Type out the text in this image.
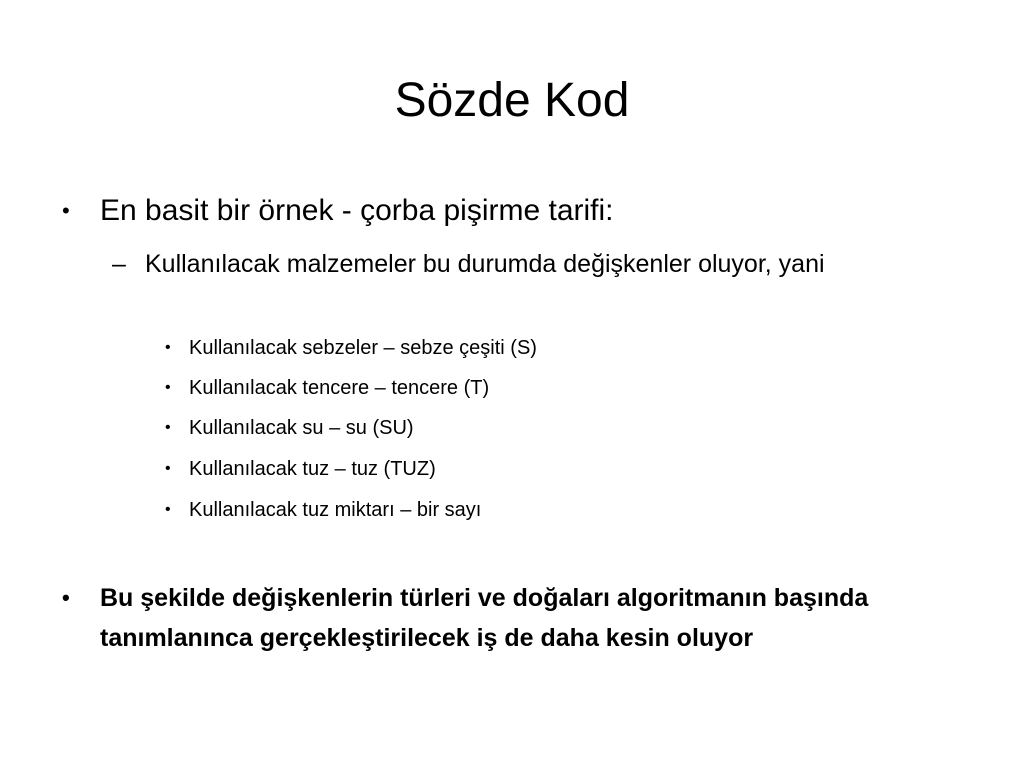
Sözde Kod
•	En basit bir örnek - çorba pişirme tarifi:
– Kullanılacak malzemeler bu durumda değişkenler oluyor, yani
• Kullanılacak sebzeler – sebze çeşiti (S)
• Kullanılacak tencere – tencere (T)
• Kullanılacak su – su (SU)
• Kullanılacak tuz – tuz (TUZ)
• Kullanılacak tuz miktarı – bir sayı
•	Bu şekilde değişkenlerin türleri ve doğaları algoritmanın başında tanımlanınca gerçekleştirilecek iş de daha kesin oluyor
